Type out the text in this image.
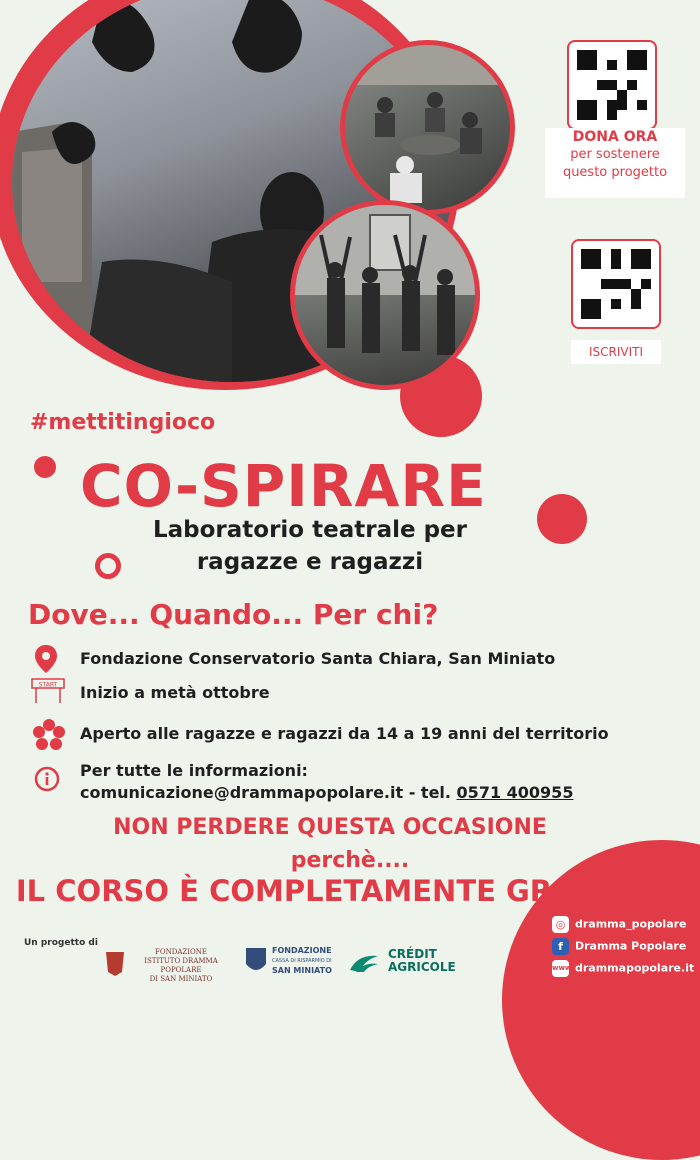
DONA ORA
per sostenere
questo progetto
ISCRIVITI
#mettitingioco
CO-SPIRARE
Laboratorio teatrale per
ragazze e ragazzi
Dove... Quando... Per chi?
Fondazione Conservatorio Santa Chiara, San Miniato
START Inizio a metà ottobre
Aperto alle ragazze e ragazzi da 14 a 19 anni del territorio
Per tutte le informazioni:
comunicazione@drammapopolare.it - tel. 0571 400955
NON PERDERE QUESTA OCCASIONE
perchè....
IL CORSO È COMPLETAMENTE GRATUITO!
◎ dramma_popolare
f Dramma Popolare
www drammapopolare.it
Un progetto di
FONDAZIONE
ISTITUTO DRAMMA POPOLARE
DI SAN MINIATO
FONDAZIONE
CASSA DI RISPARMIO DI
SAN MINIATO
CRÉDIT
AGRICOLE
